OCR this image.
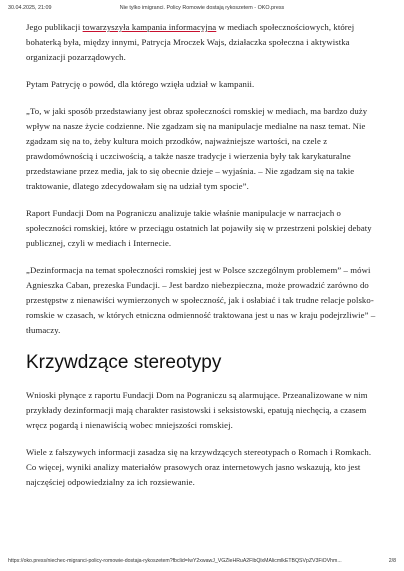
30.04.2025, 21:09	Nie tylko imigranci. Policy Romowie dostają rykoszetem - OKO.press

Jego publikacji towarzyszyła kampania informacyjna w mediach społecznościowych, której bohaterką była, między innymi, Patrycja Mroczek Wajs, działaczka społeczna i aktywistka organizacji pozarządowych.

Pytam Patrycję o powód, dla którego wzięła udział w kampanii.

„To, w jaki sposób przedstawiany jest obraz społeczności romskiej w mediach, ma bardzo duży wpływ na nasze życie codzienne. Nie zgadzam się na manipulacje medialne na nasz temat. Nie zgadzam się na to, żeby kultura moich przodków, najważniejsze wartości, na czele z prawdomównością i uczciwością, a także nasze tradycje i wierzenia były tak karykaturalne przedstawiane przez media, jak to się obecnie dzieje – wyjaśnia. – Nie zgadzam się na takie traktowanie, dlatego zdecydowałam się na udział tym spocie”.

Raport Fundacji Dom na Pograniczu analizuje takie właśnie manipulacje w narracjach o społeczności romskiej, które w przeciągu ostatnich lat pojawiły się w przestrzeni polskiej debaty publicznej, czyli w mediach i Internecie.

„Dezinformacja na temat społeczności romskiej jest w Polsce szczególnym problemem” – mówi Agnieszka Caban, prezeska Fundacji. – Jest bardzo niebezpieczna, może prowadzić zarówno do przestępstw z nienawiści wymierzonych w społeczność, jak i osłabiać i tak trudne relacje polsko-romskie w czasach, w których etniczna odmienność traktowana jest u nas w kraju podejrzliwie” – tłumaczy.

Krzywdzące stereotypy

Wnioski płynące z raportu Fundacji Dom na Pograniczu są alarmujące. Przeanalizowane w nim przykłady dezinformacji mają charakter rasistowski i seksistowski, epatują niechęcią, a czasem wręcz pogardą i nienawiścią wobec mniejszości romskiej.

Wiele z fałszywych informacji zasadza się na krzywdzących stereotypach o Romach i Romkach. Co więcej, wyniki analizy materiałów prasowych oraz internetowych jasno wskazują, kto jest najczęściej odpowiedzialny za ich rozsiewanie.

https://oko.press/niechec-migranci-policy-romowie-dostaja-rykoszetem?fbclid=IwY2xwawJ_VGZleHRuA2FlbQlxMAlicmlkETBQSVpZV3FiOVhm...	2/8
